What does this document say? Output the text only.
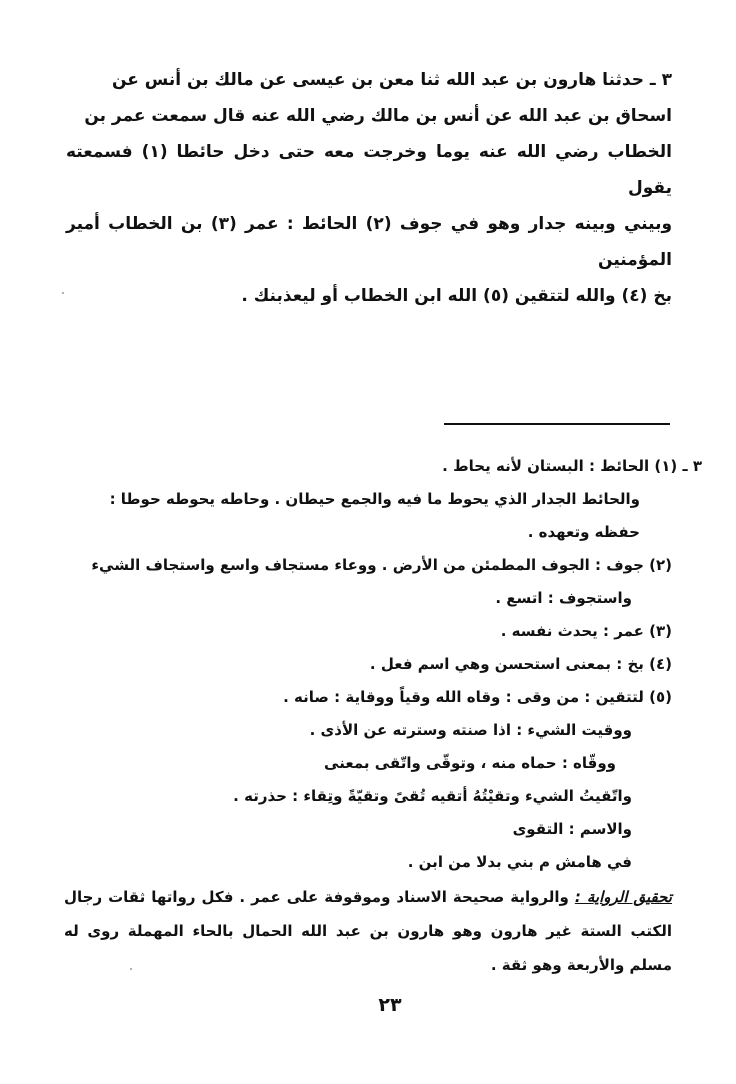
٣ ـ حدثنا هارون بن عبد الله ثنا معن بن عيسى عن مالك بن أنس عن

اسحاق بن عبد الله عن أنس بن مالك رضي الله عنه قال سمعت عمر بن

الخطاب رضي الله عنه يوما وخرجت معه حتى دخل حائطا (١) فسمعته يقول

وبيني وبينه جدار وهو في جوف (٢) الحائط : عمر (٣) بن الخطاب أمير المؤمنين

بخ (٤) والله لتتقين (٥) الله ابن الخطاب أو ليعذبنك .

٣ ـ (١) الحائط : البستان لأنه يحاط .
والحائط الجدار الذي يحوط ما فيه والجمع حيطان . وحاطه يحوطه حوطا : حفظه وتعهده .
(٢) جوف : الجوف المطمئن من الأرض . ووعاء مستجاف واسع واستجاف الشيء
واستجوف : اتسع .
(٣) عمر : يحدث نفسه .
(٤) بخ : بمعنى استحسن وهي اسم فعل .
(٥) لتتقين : من وقى : وقاه الله وقياً ووقاية : صانه .
ووقيت الشيء : اذا صنته وسترته عن الأذى .
ووقّاه : حماه منه ، وتوقّى واتّقى بمعنى
واتّقيتُ الشيء وتقيْتُهُ أتقيه تُقىً وتقيّةً وتِقاء : حذرته .
والاسم : التقوى
في هامش م بني بدلا من ابن .
تحقيق الرواية : والرواية صحيحة الاسناد وموقوفة على عمر . فكل رواتها ثقات رجال الكتب الستة غير هارون وهو هارون بن عبد الله الحمال بالحاء المهملة روى له مسلم والأربعة وهو ثقة .
٢٣
